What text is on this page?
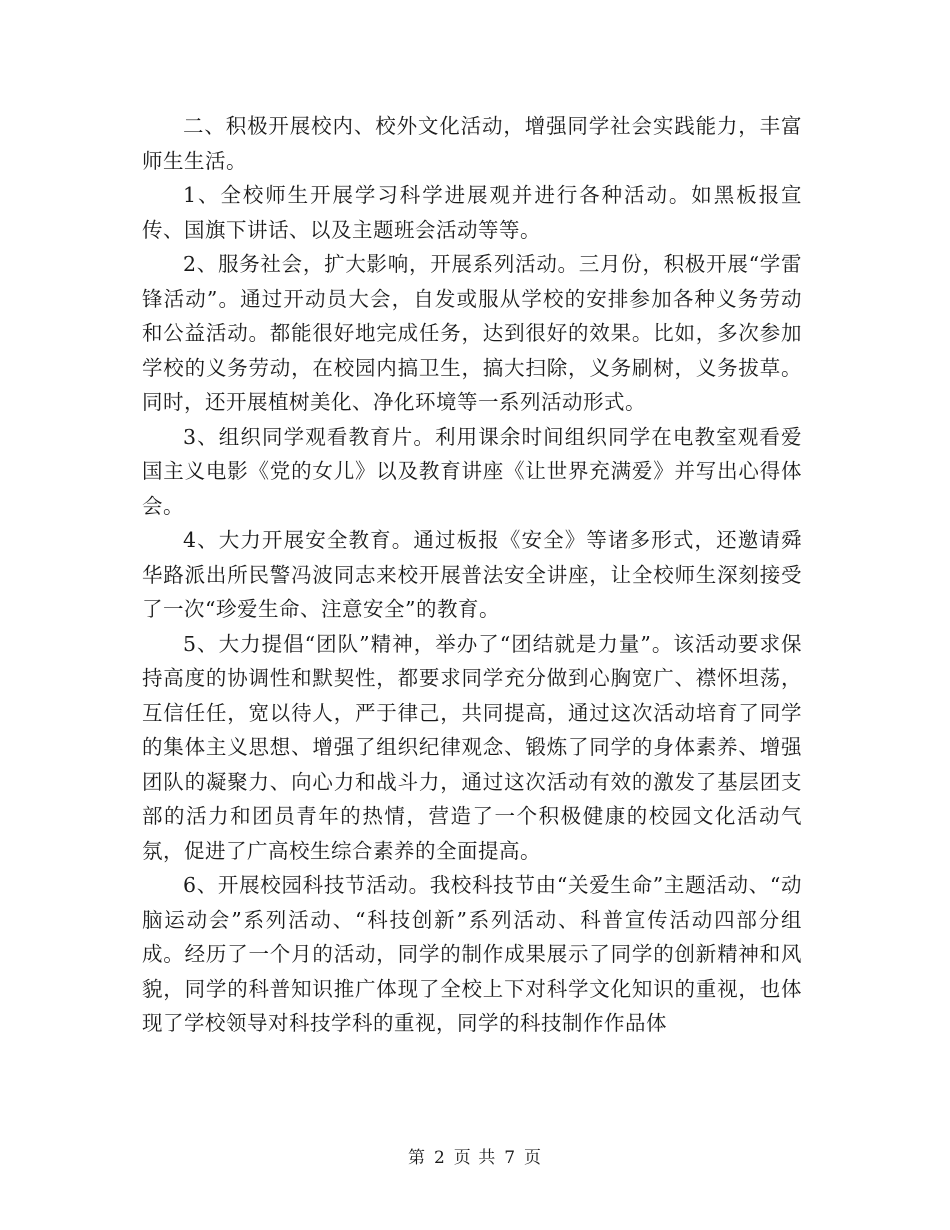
二、积极开展校内、校外文化活动，增强同学社会实践能力，丰富师生生活。

1、全校师生开展学习科学进展观并进行各种活动。如黑板报宣传、国旗下讲话、以及主题班会活动等等。

2、服务社会，扩大影响，开展系列活动。三月份，积极开展“学雷锋活动”。通过开动员大会，自发或服从学校的安排参加各种义务劳动和公益活动。都能很好地完成任务，达到很好的效果。比如，多次参加学校的义务劳动，在校园内搞卫生，搞大扫除，义务刷树，义务拔草。同时，还开展植树美化、净化环境等一系列活动形式。

3、组织同学观看教育片。利用课余时间组织同学在电教室观看爱国主义电影《党的女儿》以及教育讲座《让世界充满爱》并写出心得体会。

4、大力开展安全教育。通过板报《安全》等诸多形式，还邀请舜华路派出所民警冯波同志来校开展普法安全讲座，让全校师生深刻接受了一次“珍爱生命、注意安全”的教育。

5、大力提倡“团队”精神，举办了“团结就是力量”。该活动要求保持高度的协调性和默契性，都要求同学充分做到心胸宽广、襟怀坦荡，互信任任，宽以待人，严于律己，共同提高，通过这次活动培育了同学的集体主义思想、增强了组织纪律观念、锻炼了同学的身体素养、增强团队的凝聚力、向心力和战斗力，通过这次活动有效的激发了基层团支部的活力和团员青年的热情，营造了一个积极健康的校园文化活动气氛，促进了广高校生综合素养的全面提高。

6、开展校园科技节活动。我校科技节由“关爱生命”主题活动、“动脑运动会”系列活动、“科技创新”系列活动、科普宣传活动四部分组成。经历了一个月的活动，同学的制作成果展示了同学的创新精神和风貌，同学的科普知识推广体现了全校上下对科学文化知识的重视，也体现了学校领导对科技学科的重视，同学的科技制作作品体

第 2 页 共 7 页
